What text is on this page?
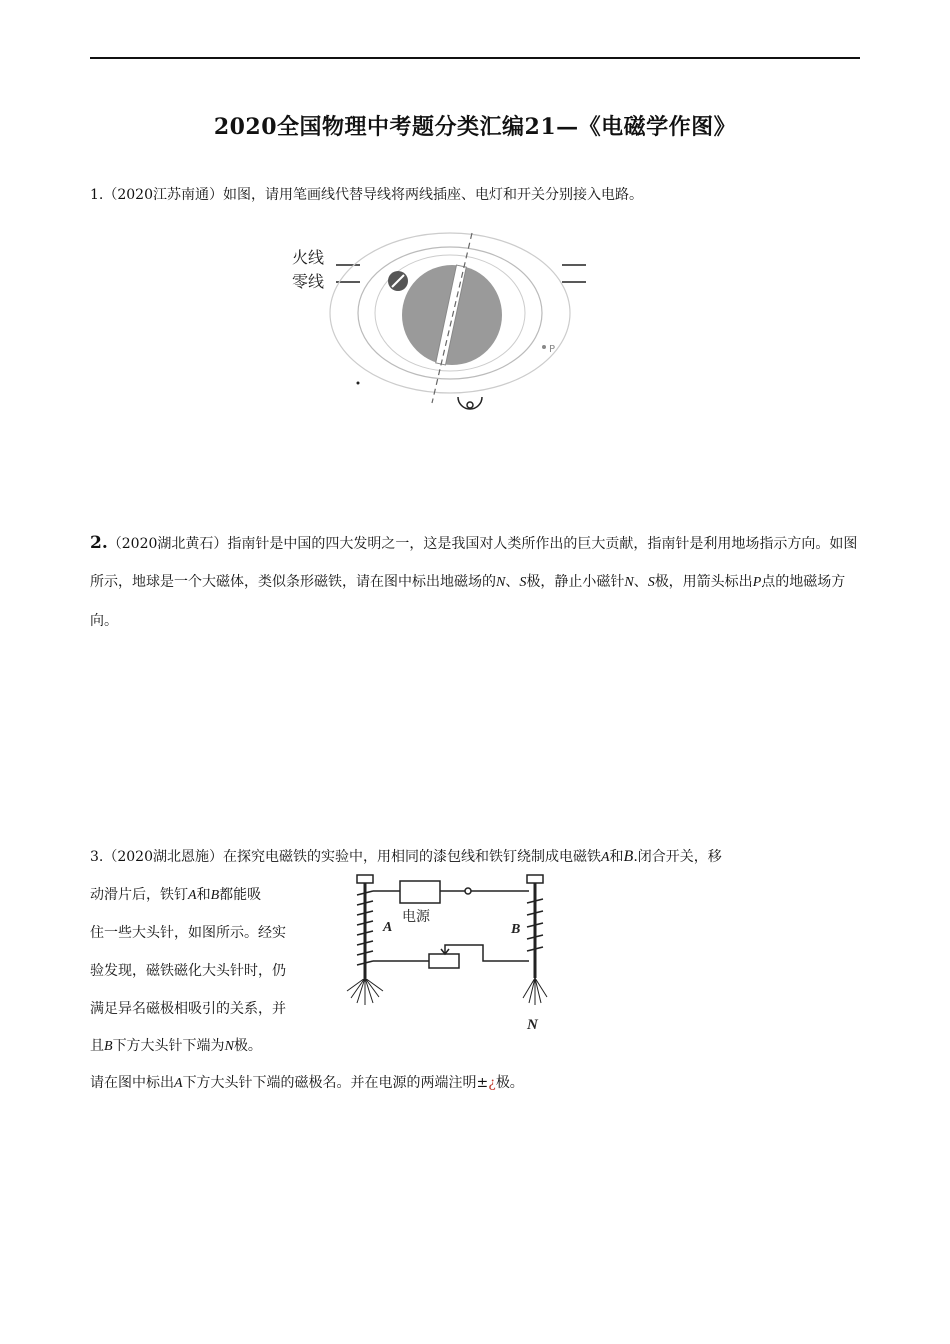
2020全国物理中考题分类汇编21—《电磁学作图》
1.（2020江苏南通）如图，请用笔画线代替导线将两线插座、电灯和开关分别接入电路。
火线
零线
P
2.（2020湖北黄石）指南针是中国的四大发明之一，这是我国对人类所作出的巨大贡献，指南针是利用地场指示方向。如图所示，地球是一个大磁体，类似条形磁铁，请在图中标出地磁场的N、S极，静止小磁针N、S极，用箭头标出P点的地磁场方向。
3.（2020湖北恩施）在探究电磁铁的实验中，用相同的漆包线和铁钉绕制成电磁铁A和B.闭合开关，移
动滑片后，铁钉A和B都能吸
住一些大头针，如图所示。经实
验发现，磁铁磁化大头针时，仍
满足异名磁极相吸引的关系，并
且B下方大头针下端为N极。
请在图中标出A下方大头针下端的磁极名。并在电源的两端注明±¿极。
电源
A	B
N
